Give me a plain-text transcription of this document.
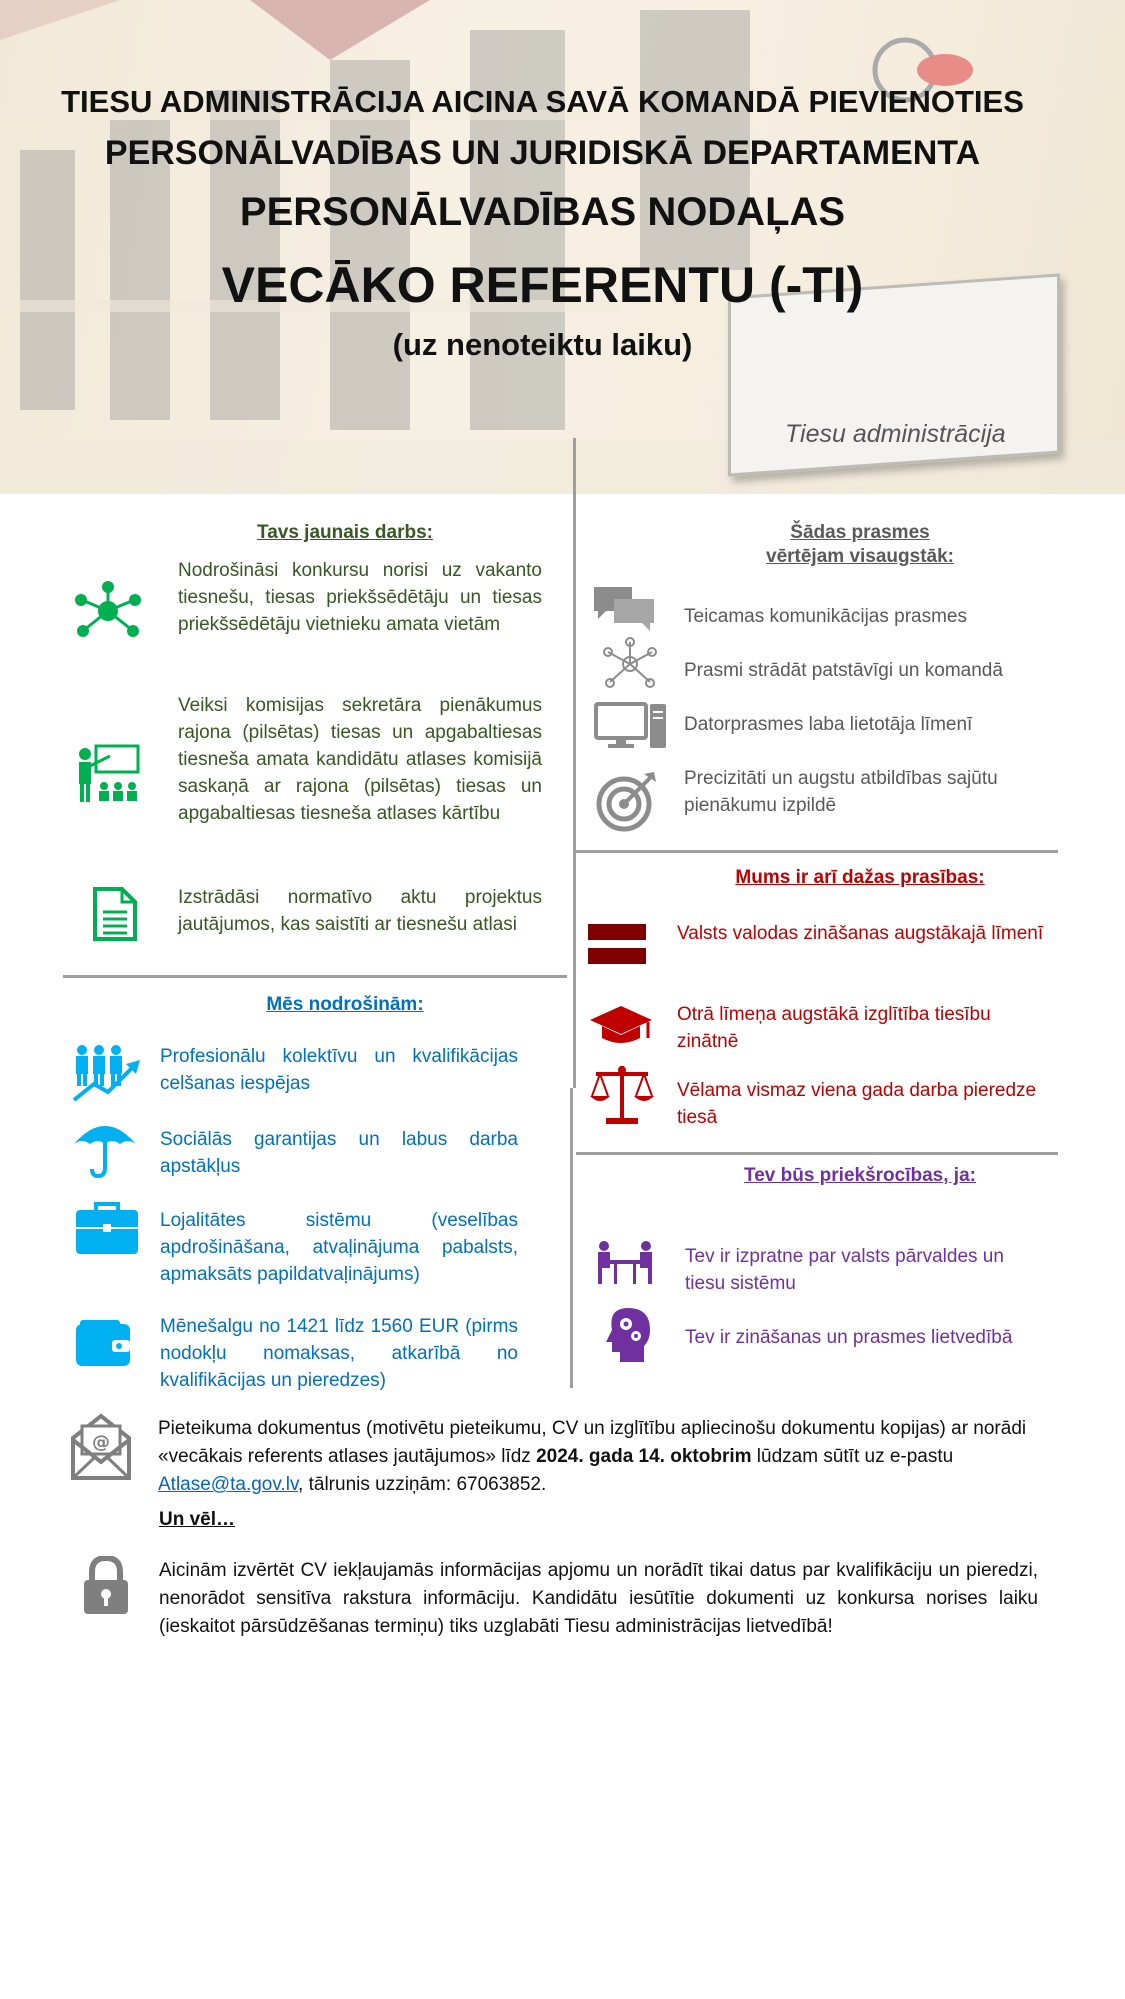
Tiesu administrācija
TIESU ADMINISTRĀCIJA AICINA SAVĀ KOMANDĀ PIEVIENOTIES
PERSONĀLVADĪBAS UN JURIDISKĀ DEPARTAMENTA
PERSONĀLVADĪBAS NODAĻAS
VECĀKO REFERENTU (-TI)
(uz nenoteiktu laiku)
Tavs jaunais darbs:
Nodrošināsi konkursu norisi uz vakanto tiesnešu, tiesas priekšsēdētāju un tiesas priekšsēdētāju vietnieku amata vietām
Veiksi komisijas sekretāra pienākumus rajona (pilsētas) tiesas un apgabaltiesas tiesneša amata kandidātu atlases komisijā saskaņā ar rajona (pilsētas) tiesas un apgabaltiesas tiesneša atlases kārtību
Izstrādāsi normatīvo aktu projektus jautājumos, kas saistīti ar tiesnešu atlasi
Mēs nodrošinām:
Profesionālu kolektīvu un kvalifikācijas celšanas iespējas
Sociālās garantijas un labus darba apstākļus
Lojalitātes sistēmu (veselības apdrošināšana, atvaļinājuma pabalsts, apmaksāts papildatvaļinājums)
Mēnešalgu no 1421 līdz 1560 EUR (pirms nodokļu nomaksas, atkarībā no kvalifikācijas un pieredzes)
Šādas prasmes
vērtējam visaugstāk:
Teicamas komunikācijas prasmes
Prasmi strādāt patstāvīgi un komandā
Datorprasmes laba lietotāja līmenī
Precizitāti un augstu atbildības sajūtu pienākumu izpildē
Mums ir arī dažas prasības:
Valsts valodas zināšanas augstākajā līmenī
Otrā līmeņa augstākā izglītība tiesību zinātnē
Vēlama vismaz viena gada darba pieredze tiesā
Tev būs priekšrocības, ja:
Tev ir izpratne par valsts pārvaldes un tiesu sistēmu
Tev ir zināšanas un prasmes lietvedībā
@
Pieteikuma dokumentus (motivētu pieteikumu, CV un izglītību apliecinošu dokumentu kopijas) ar norādi «vecākais referents atlases jautājumos» līdz 2024. gada 14. oktobrim lūdzam sūtīt uz e-pastu Atlase@ta.gov.lv, tālrunis uzziņām: 67063852.
Un vēl…
Aicinām izvērtēt CV iekļaujamās informācijas apjomu un norādīt tikai datus par kvalifikāciju un pieredzi, nenorādot sensitīva rakstura informāciju. Kandidātu iesūtītie dokumenti uz konkursa norises laiku (ieskaitot pārsūdzēšanas termiņu) tiks uzglabāti Tiesu administrācijas lietvedībā!
